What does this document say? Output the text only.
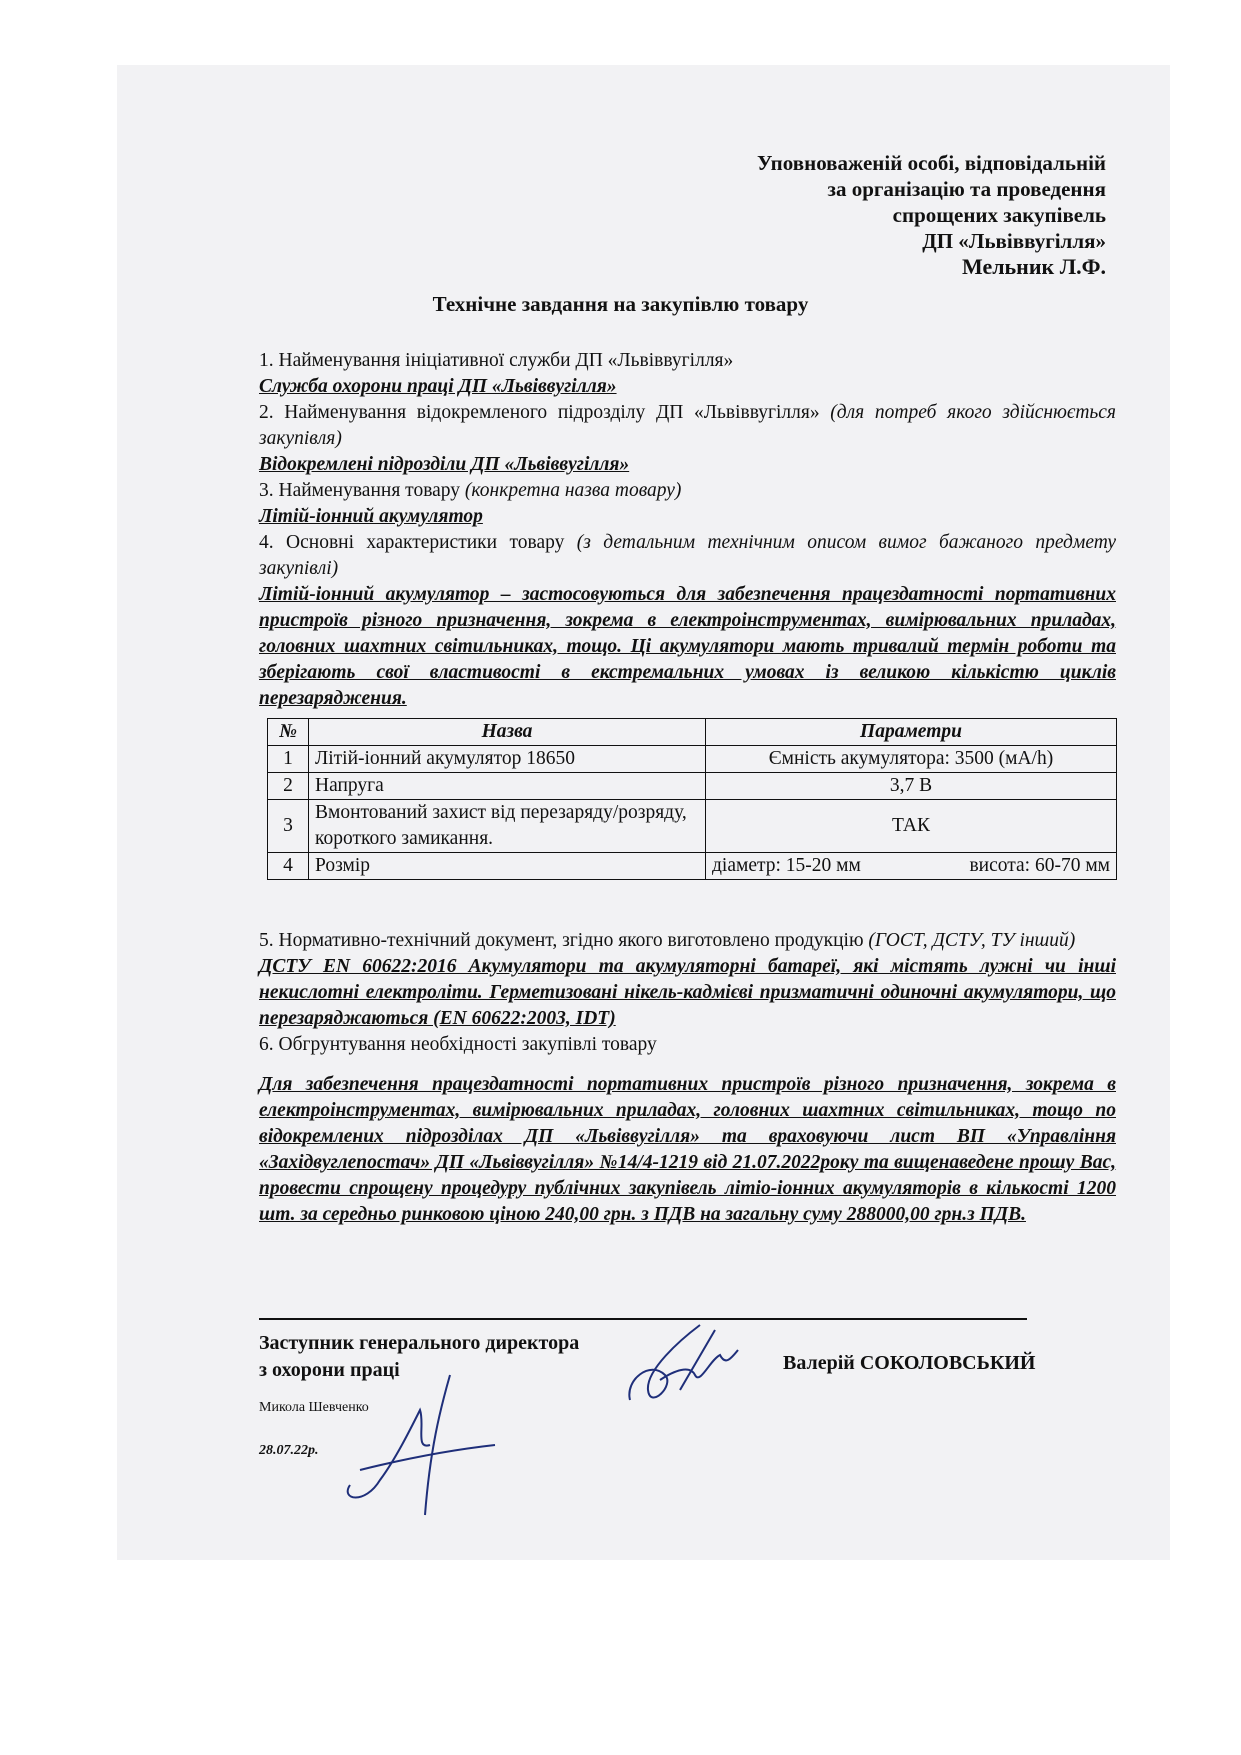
Уповноваженій особі, відповідальній
за організацію та проведення
спрощених закупівель
ДП «Львіввугілля»
Мельник Л.Ф.
Технічне завдання на закупівлю товару

1. Найменування ініціативної служби ДП «Львіввугілля»

Служба охорони праці ДП «Львіввугілля»

2. Найменування відокремленого підрозділу ДП «Львіввугілля» (для потреб якого здійснюється закупівля)

Відокремлені підрозділи ДП «Львіввугілля»

3. Найменування товару (конкретна назва товару)

Літій-іонний акумулятор

4. Основні характеристики товару (з детальним технічним описом вимог бажаного предмету закупівлі)

Літій-іонний акумулятор – застосовуються для забезпечення працездатності портативних пристроїв різного призначення, зокрема в електроінструментах, вимірювальних приладах, головних шахтних світильниках, тощо. Ці акумулятори мають тривалий термін роботи та зберігають свої властивості в екстремальних умовах із великою кількістю циклів перезаряджения.

№	Назва	Параметри
1	Літій-іонний акумулятор 18650	Ємність акумулятора: 3500 (мА/h)
2	Напруга	3,7 В
3	Вмонтований захист від перезаряду/розряду, короткого замикання.	ТАК
4	Розмір	діаметр: 15-20 мм висота: 60-70 мм

5. Нормативно-технічний документ, згідно якого виготовлено продукцію (ГОСТ, ДСТУ, ТУ інший)

ДСТУ EN 60622:2016 Акумулятори та акумуляторні батареї, які містять лужні чи інші некислотні електроліти. Герметизовані нікель-кадмієві призматичні одиночні акумулятори, що перезаряджаються (EN 60622:2003, IDT)

6. Обгрунтування необхідності закупівлі товару

Для забезпечення працездатності портативних пристроїв різного призначення, зокрема в електроінструментах, вимірювальних приладах, головних шахтних світильниках, тощо по відокремлених підрозділах ДП «Львіввугілля» та враховуючи лист ВП «Управління «Західвуглепостач» ДП «Львіввугілля» №14/4-1219 від 21.07.2022року та вищенаведене прошу Вас, провести спрощену процедуру публічних закупівель літіо-іонних акумуляторів в кількості 1200 шт. за середньо ринковою ціною 240,00 грн. з ПДВ на загальну суму 288000,00 грн.з ПДВ.

Заступник генерального директора
з охорони праці	Валерій СОКОЛОВСЬКИЙ
Микола Шевченко
28.07.22р.
